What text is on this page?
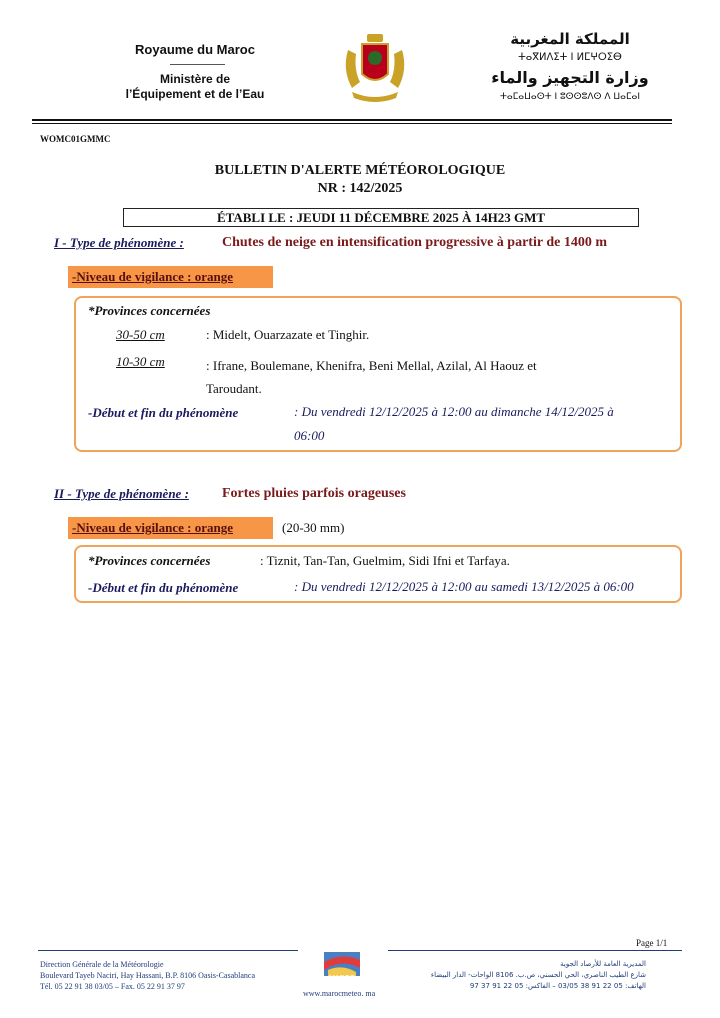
Royaume du Maroc
Ministère de
l’Équipement et de l’Eau
المملكة المغربية
ⵜⴰⴳⵍⴷⵉⵜ ⵏ ⵍⵎⵖⵔⵉⴱ
وزارة التجهيز والماء
ⵜⴰⵎⴰⵡⴰⵙⵜ ⵏ ⵓⵙⵙⵓⴷⵙ ⴷ ⵡⴰⵎⴰⵏ
WOMC01GMMC
BULLETIN D'ALERTE MÉTÉOROLOGIQUE
NR : 142/2025
ÉTABLI LE : JEUDI 11 DÉCEMBRE 2025 À 14H23 GMT
I - Type de phénomène :	Chutes de neige en intensification progressive à partir de 1400 m
-Niveau de vigilance : orange
*Provinces concernées
30-50 cm	: Midelt, Ouarzazate et Tinghir.
10-30 cm	: Ifrane, Boulemane, Khenifra, Beni Mellal, Azilal, Al Haouz et
Taroudant.
-Début et fin du phénomène	: Du vendredi 12/12/2025 à 12:00 au dimanche 14/12/2025 à
06:00
II - Type de phénomène : Fortes pluies parfois orageuses
-Niveau de vigilance : orange	(20-30 mm)
*Provinces concernées	: Tiznit, Tan-Tan, Guelmim, Sidi Ifni et Tarfaya.
-Début et fin du phénomène	: Du vendredi 12/12/2025 à 12:00 au samedi 13/12/2025 à 06:00
Page 1/1
Direction Générale de la Météorologie
Boulevard Tayeb Naciri, Hay Hassani, B.P. 8106 Oasis-Casablanca
Tél. 05 22 91 38 03/05 – Fax. 05 22 91 37 97
MAROC
www.marocmeteo. ma
المديرية العامة للأرصاد الجوية
شارع الطيب الناصري، الحي الحسني، ص.ب. 8106 الواحات- الدار البيضاء
الهاتف: 05 22 91 38 03/05 – الفاكس: 05 22 91 37 97
